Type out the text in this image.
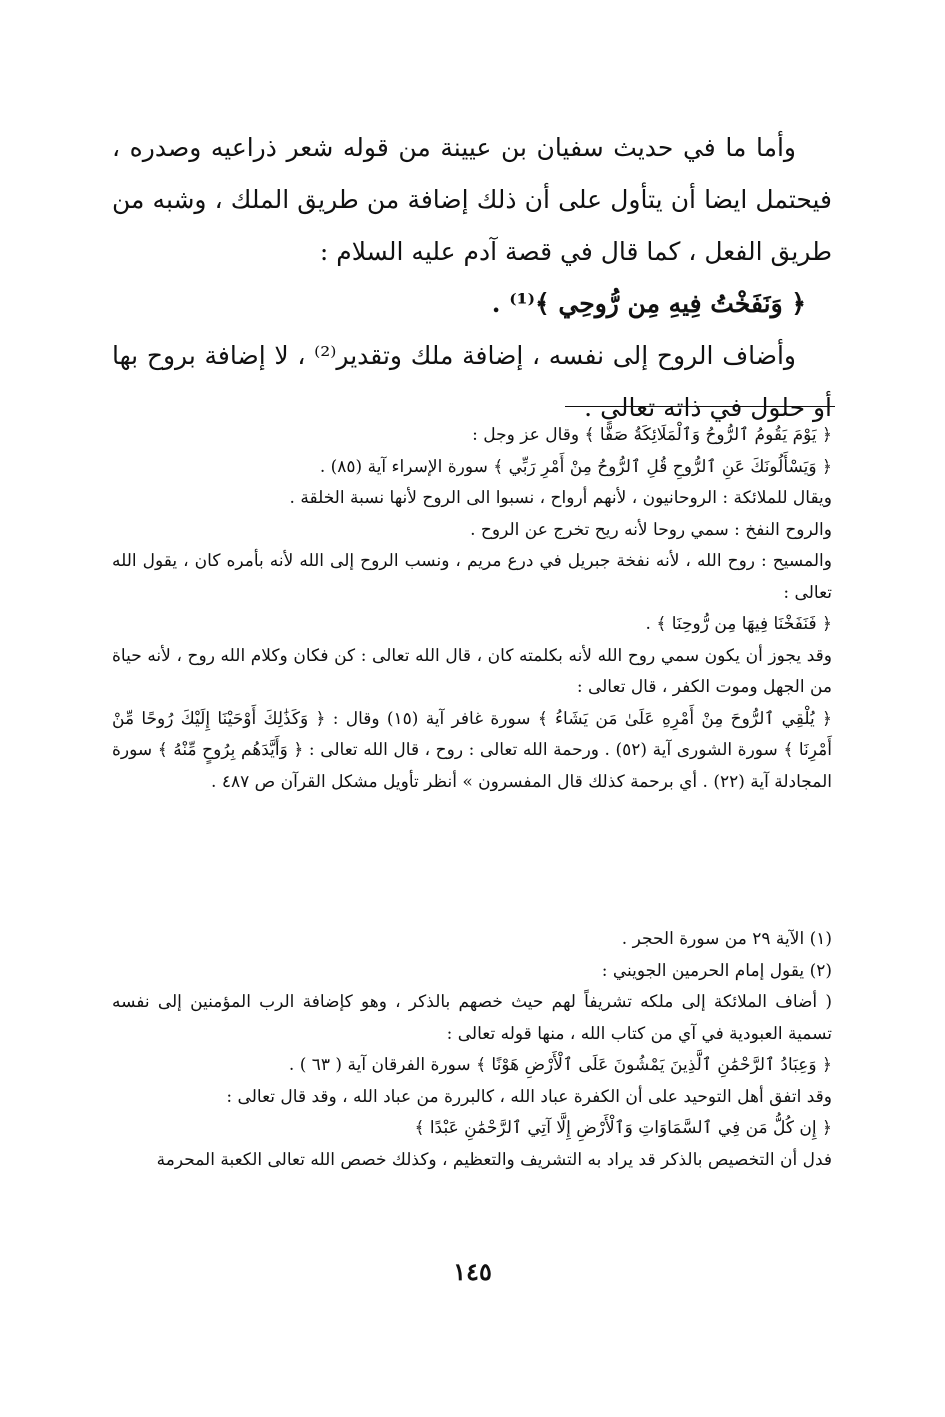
وأما ما في حديث سفيان بن عيينة من قوله شعر ذراعيه وصدره ، فيحتمل ايضا أن يتأول على أن ذلك إضافة من طريق الملك ، وشبه من طريق الفعل ، كما قال في قصة آدم عليه السلام :

﴿ وَنَفَخْتُ فِيهِ مِن رُّوحِي ﴾⁽¹⁾ .

وأضاف الروح إلى نفسه ، إضافة ملك وتقدير⁽²⁾ ، لا إضافة بروح بها أو حلول في ذاته تعالى .

﴿ يَوْمَ يَقُومُ ٱلرُّوحُ وَٱلْمَلَائِكَةُ صَفًّا ﴾ وقال عز وجل :

﴿ وَيَسْأَلُونَكَ عَنِ ٱلرُّوحِ قُلِ ٱلرُّوحُ مِنْ أَمْرِ رَبِّي ﴾ سورة الإسراء آية (٨٥) .

ويقال للملائكة : الروحانيون ، لأنهم أرواح ، نسبوا الى الروح لأنها نسبة الخلقة .

والروح النفخ : سمي روحا لأنه ريح تخرج عن الروح .

والمسيح : روح الله ، لأنه نفخة جبريل في درع مريم ، ونسب الروح إلى الله لأنه بأمره كان ، يقول الله تعالى :

﴿ فَنَفَخْنَا فِيهَا مِن رُّوحِنَا ﴾ .

وقد يجوز أن يكون سمي روح الله لأنه بكلمته كان ، قال الله تعالى : كن فكان وكلام الله روح ، لأنه حياة من الجهل وموت الكفر ، قال تعالى :

﴿ يُلْقِي ٱلرُّوحَ مِنْ أَمْرِهِ عَلَىٰ مَن يَشَاءُ ﴾ سورة غافر آية (١٥) وقال : ﴿ وَكَذَٰلِكَ أَوْحَيْنَا إِلَيْكَ رُوحًا مِّنْ أَمْرِنَا ﴾ سورة الشورى آية (٥٢) . ورحمة الله تعالى : روح ، قال الله تعالى : ﴿ وَأَيَّدَهُم بِرُوحٍ مِّنْهُ ﴾ سورة المجادلة آية (٢٢) . أي برحمة كذلك قال المفسرون » أنظر تأويل مشكل القرآن ص ٤٨٧ .

(١) الآية ٢٩ من سورة الحجر .

(٢) يقول إمام الحرمين الجويني :

( أضاف الملائكة إلى ملكه تشريفاً لهم حيث خصهم بالذكر ، وهو كإضافة الرب المؤمنين إلى نفسه تسمية العبودية في آي من كتاب الله ، منها قوله تعالى :

﴿ وَعِبَادُ ٱلرَّحْمَٰنِ ٱلَّذِينَ يَمْشُونَ عَلَى ٱلْأَرْضِ هَوْنًا ﴾ سورة الفرقان آية ( ٦٣ ) .

وقد اتفق أهل التوحيد على أن الكفرة عباد الله ، كالبررة من عباد الله ، وقد قال تعالى :

﴿ إِن كُلُّ مَن فِي ٱلسَّمَاوَاتِ وَٱلْأَرْضِ إِلَّا آتِي ٱلرَّحْمَٰنِ عَبْدًا ﴾

فدل أن التخصيص بالذكر قد يراد به التشريف والتعظيم ، وكذلك خصص الله تعالى الكعبة المحرمة

١٤٥
